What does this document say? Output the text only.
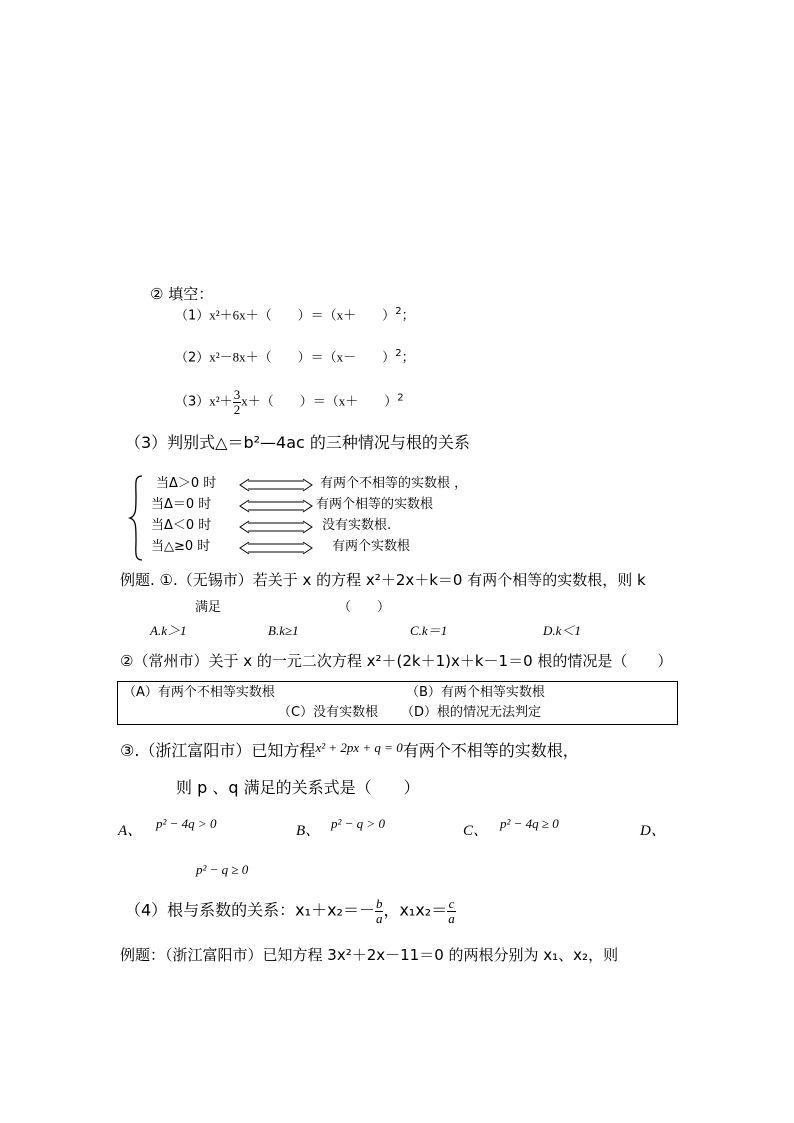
② 填空：
（1）x²＋6x＋（　　）＝（x＋　　）$^2$；
（2）x²－8x＋（　　）＝（x－　　）$^2$；
$(3)x^2+ \frac{3}{2} x+$（　　）＝（x＋　　）$^2$
（3）判别式△＝b²—4ac 的三种情况与根的关系
当Δ＞0 时	有两个不相等的实数根 ，
当Δ＝0 时	有两个相等的实数根
当Δ＜0 时	没有实数根.
当△≥0 时	有两个实数根
例题. ①.（无锡市）若关于 x 的方程 x²＋2x＋k＝0 有两个相等的实数根，则 k
满足	（　　）
A.k＞1	B.k≥1	C.k＝1	D.k＜1
②（常州市）关于 x 的一元二次方程 x²＋(2k＋1)x＋k－1＝0 根的情况是（　　）
（A）有两个不相等实数根	（B）有两个相等实数根
（C）没有实数根 （D）根的情况无法判定
③.（浙江富阳市）已知方程$^{x^2 + 2px + q = 0}$有两个不相等的实数根，
则 p 、q 满足的关系式是（　　）
A、 p² − 4q > 0	B、 p² − q > 0	C、 p² − 4q ≥ 0	D、
p² − q ≥ 0
（4）根与系数的关系：$x_1+x_2=- \frac{b}{a}$ ，$x_1x_2= \frac{c}{a}$
例题：（浙江富阳市）已知方程 3x²＋2x－11＝0 的两根分别为 x₁、x₂，则
